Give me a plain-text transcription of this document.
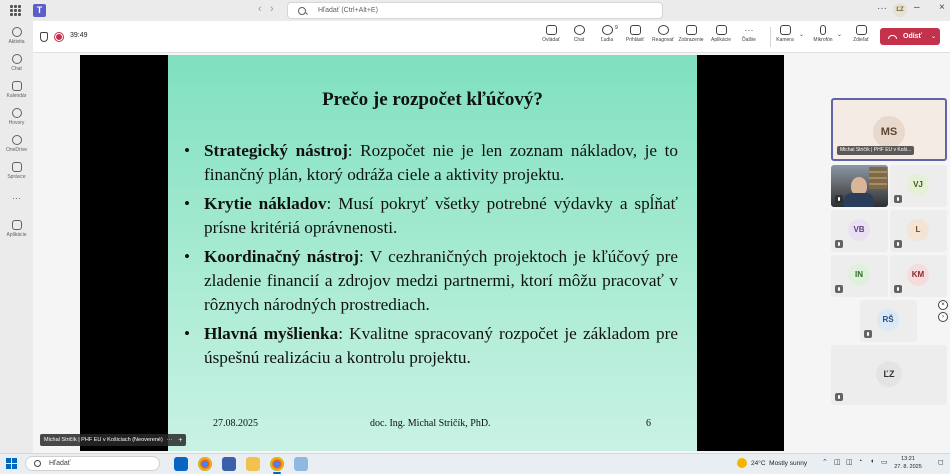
T	‹ ›	Hľadať (Ctrl+Alt+E)	···	ĽZ	– ×
Aktivita
Chat
Kalendár
Hovory
OneDrive
Správce
···
Aplikácie
39:49
Ovládať	Chat	Ľudia
9
Prihlásiť	Reagovať Zobrazenie	Aplikácie
···
Ďalšie	Kamera
⌄
Mikrofón
⌄
Zdieľať	Odísť ⌄
Prečo je rozpočet kľúčový?
• Strategický nástroj: Rozpočet nie je len zoznam nákladov, je to finančný plán, ktorý odráža ciele a aktivity projektu.
• Krytie nákladov: Musí pokryť všetky potrebné výdavky a spĺňať prísne kritériá oprávnenosti.
• Koordinačný nástroj: V cezhraničných projektoch je kľúčový pre zladenie financií a zdrojov medzi partnermi, ktorí môžu pracovať v rôznych národných prostrediach.
• Hlavná myšlienka: Kvalitne spracovaný rozpočet je základom pre úspešnú realizáciu a kontrolu projektu.
27.08.2025	doc. Ing. Michal Stričík, PhD.	6
Michal Stričík | PHF EU v Košiciach (Neoverené) ··· +
MS
Michal Stričík | PHF EU v Koši...
VJ
VB	L
IN	KM
RŠ
ĽZ
×
›
Hľadať	24°C
Mostly sunny ⌃ ◫ ◫ ◔ ◖ ▭	13:21
27. 8. 2025
◻
